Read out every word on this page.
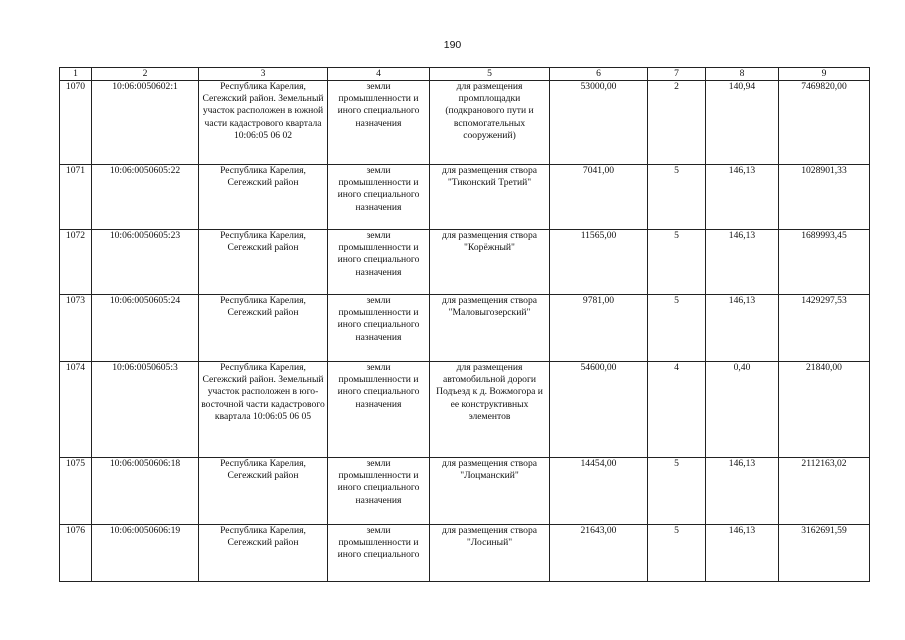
190
1	2	3	4	5	6	7	8	9
1070	10:06:0050602:1	Республика Карелия, Сегежский район. Земельный участок расположен в южной части кадастрового квартала 10:06:05 06 02	земли промышленности и иного специального назначения	для размещения промплощадки (подкранового пути и вспомогательных сооружений)	53000,00	2	140,94	7469820,00
1071	10:06:0050605:22	Республика Карелия, Сегежский район	земли промышленности и иного специального назначения	для размещения створа "Тиконский Третий"	7041,00	5	146,13	1028901,33
1072	10:06:0050605:23	Республика Карелия, Сегежский район	земли промышленности и иного специального назначения	для размещения створа "Корёжный"	11565,00	5	146,13	1689993,45
1073	10:06:0050605:24	Республика Карелия, Сегежский район	земли промышленности и иного специального назначения	для размещения створа "Маловыгозерский"	9781,00	5	146,13	1429297,53
1074	10:06:0050605:3	Республика Карелия, Сегежский район. Земельный участок расположен в юго-восточной части кадастрового квартала 10:06:05 06 05	земли промышленности и иного специального назначения	для размещения автомобильной дороги Подъезд к д. Вожмогора и ее конструктивных элементов	54600,00	4	0,40	21840,00
1075	10:06:0050606:18	Республика Карелия, Сегежский район	земли промышленности и иного специального назначения	для размещения створа "Лоцманский"	14454,00	5	146,13	2112163,02
1076	10:06:0050606:19	Республика Карелия, Сегежский район	земли промышленности и иного специального	для размещения створа "Лосиный"	21643,00	5	146,13	3162691,59
